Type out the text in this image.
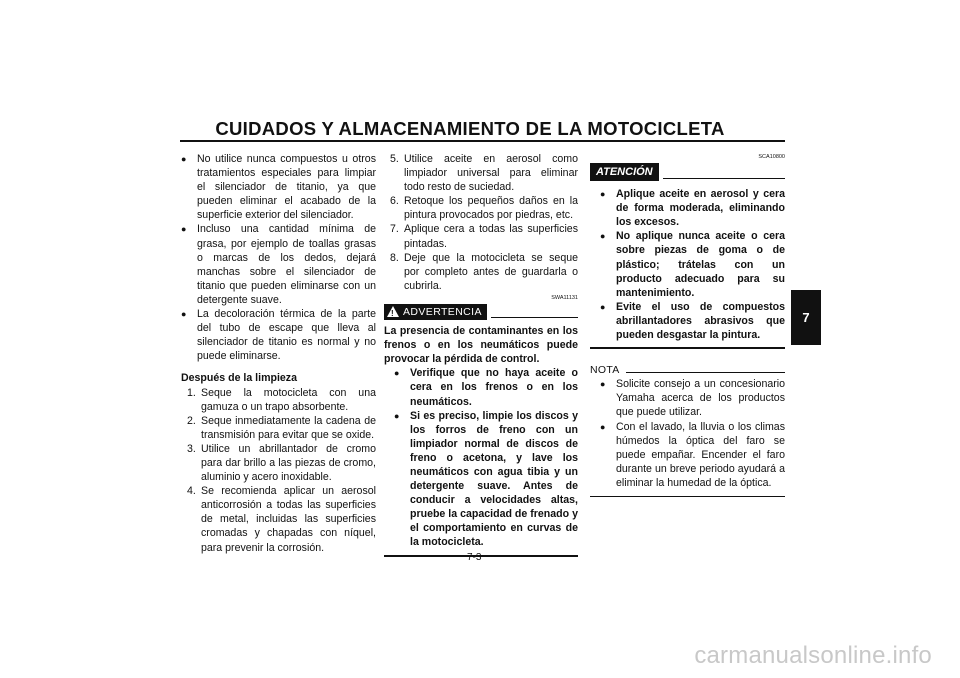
CUIDADOS Y ALMACENAMIENTO DE LA MOTOCICLETA
● No utilice nunca compuestos u otros tratamientos especiales para limpiar el silenciador de titanio, ya que pueden eliminar el acabado de la superficie exterior del silenciador.
● Incluso una cantidad mínima de grasa, por ejemplo de toallas grasas o marcas de los dedos, dejará manchas sobre el silenciador de titanio que pueden eliminarse con un detergente suave.
● La decoloración térmica de la parte del tubo de escape que lleva al silenciador de titanio es normal y no puede eliminarse.
Después de la limpieza
1. Seque la motocicleta con una gamuza o un trapo absorbente.
2. Seque inmediatamente la cadena de transmisión para evitar que se oxide.
3. Utilice un abrillantador de cromo para dar brillo a las piezas de cromo, aluminio y acero inoxidable.
4. Se recomienda aplicar un aerosol anticorrosión a todas las superficies de metal, incluidas las superficies cromadas y chapadas con níquel, para prevenir la corrosión.
5. Utilice aceite en aerosol como limpiador universal para eliminar todo resto de suciedad.
6. Retoque los pequeños daños en la pintura provocados por piedras, etc.
7. Aplique cera a todas las superficies pintadas.
8. Deje que la motocicleta se seque por completo antes de guardarla o cubrirla.
SWA11131
! ADVERTENCIA
La presencia de contaminantes en los frenos o en los neumáticos puede provocar la pérdida de control.
● Verifique que no haya aceite o cera en los frenos o en los neumáticos.
● Si es preciso, limpie los discos y los forros de freno con un limpiador normal de discos de freno o acetona, y lave los neumáticos con agua tibia y un detergente suave. Antes de conducir a velocidades altas, pruebe la capacidad de frenado y el comportamiento en curvas de la motocicleta.
SCA10800
ATENCIÓN
● Aplique aceite en aerosol y cera de forma moderada, eliminando los excesos.
● No aplique nunca aceite o cera sobre piezas de goma o de plástico; trátelas con un producto adecuado para su mantenimiento.
● Evite el uso de compuestos abrillantadores abrasivos que pueden desgastar la pintura.
NOTA
● Solicite consejo a un concesionario Yamaha acerca de los productos que puede utilizar.
● Con el lavado, la lluvia o los climas húmedos la óptica del faro se puede empañar. Encender el faro durante un breve periodo ayudará a eliminar la humedad de la óptica.
7
7-3
carmanualsonline.info
